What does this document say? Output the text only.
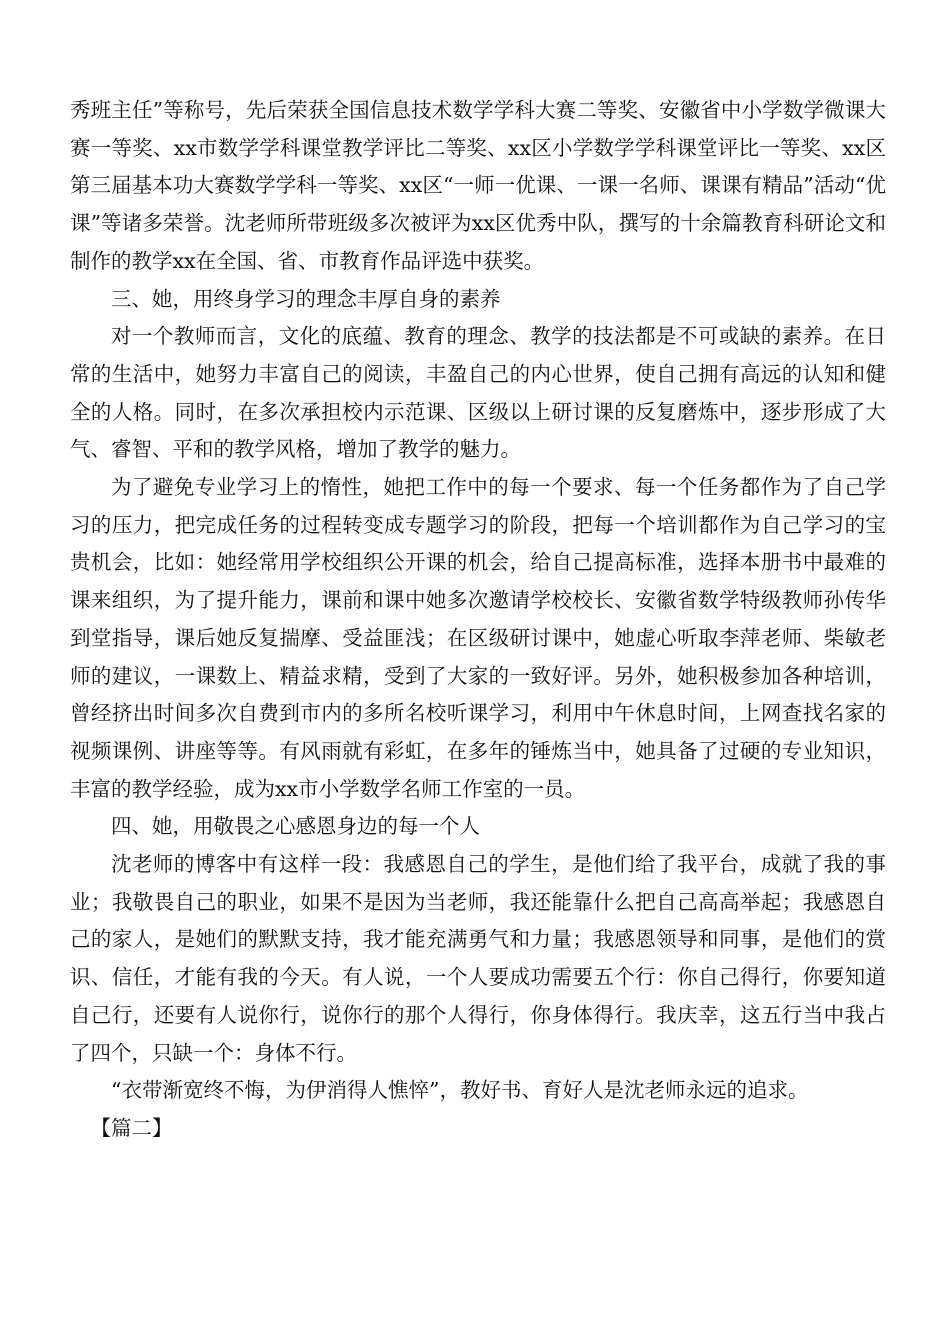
秀班主任”等称号，先后荣获全国信息技术数学学科大赛二等奖、安徽省中小学数学微课大赛一等奖、xx市数学学科课堂教学评比二等奖、xx区小学数学学科课堂评比一等奖、xx区第三届基本功大赛数学学科一等奖、xx区“一师一优课、一课一名师、课课有精品”活动“优课”等诸多荣誉。沈老师所带班级多次被评为xx区优秀中队，撰写的十余篇教育科研论文和制作的教学xx在全国、省、市教育作品评选中获奖。

三、她，用终身学习的理念丰厚自身的素养

对一个教师而言，文化的底蕴、教育的理念、教学的技法都是不可或缺的素养。在日常的生活中，她努力丰富自己的阅读，丰盈自己的内心世界，使自己拥有高远的认知和健全的人格。同时，在多次承担校内示范课、区级以上研讨课的反复磨炼中，逐步形成了大气、睿智、平和的教学风格，增加了教学的魅力。

为了避免专业学习上的惰性，她把工作中的每一个要求、每一个任务都作为了自己学习的压力，把完成任务的过程转变成专题学习的阶段，把每一个培训都作为自己学习的宝贵机会，比如：她经常用学校组织公开课的机会，给自己提高标准，选择本册书中最难的课来组织，为了提升能力，课前和课中她多次邀请学校校长、安徽省数学特级教师孙传华到堂指导，课后她反复揣摩、受益匪浅；在区级研讨课中，她虚心听取李萍老师、柴敏老师的建议，一课数上、精益求精，受到了大家的一致好评。另外，她积极参加各种培训，曾经挤出时间多次自费到市内的多所名校听课学习，利用中午休息时间，上网查找名家的视频课例、讲座等等。有风雨就有彩虹，在多年的锤炼当中，她具备了过硬的专业知识，丰富的教学经验，成为xx市小学数学名师工作室的一员。

四、她，用敬畏之心感恩身边的每一个人

沈老师的博客中有这样一段：我感恩自己的学生，是他们给了我平台，成就了我的事业；我敬畏自己的职业，如果不是因为当老师，我还能靠什么把自己高高举起；我感恩自己的家人，是她们的默默支持，我才能充满勇气和力量；我感恩领导和同事，是他们的赏识、信任，才能有我的今天。有人说，一个人要成功需要五个行：你自己得行，你要知道自己行，还要有人说你行，说你行的那个人得行，你身体得行。我庆幸，这五行当中我占了四个，只缺一个：身体不行。

“衣带渐宽终不悔，为伊消得人憔悴”，教好书、育好人是沈老师永远的追求。

【篇二】
